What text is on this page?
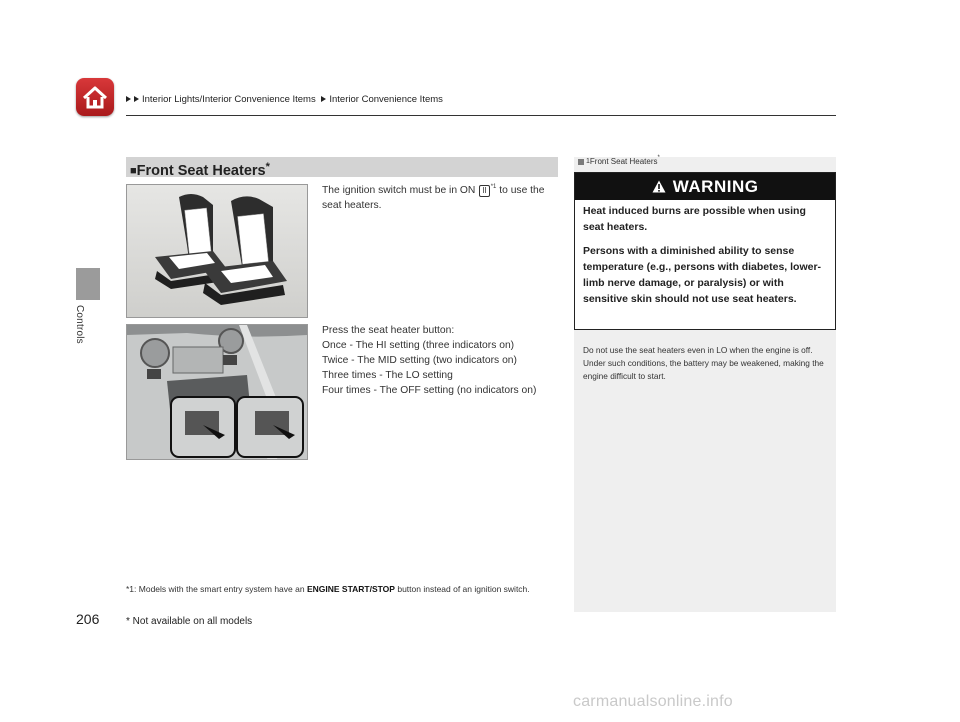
Interior Lights/Interior Convenience Items Interior Convenience Items
Controls
206
■Front Seat Heaters*
The ignition switch must be in ON II $^{*1}$ to use the seat heaters.
Press the seat heater button:
Once - The HI setting (three indicators on)
Twice - The MID setting (two indicators on)
Three times - The LO setting
Four times - The OFF setting (no indicators on)
*1: Models with the smart entry system have an ENGINE START/STOP button instead of an ignition switch.
* Not available on all models
1Front Seat Heaters*
WARNING

Heat induced burns are possible when using seat heaters.

Persons with a diminished ability to sense temperature (e.g., persons with diabetes, lower-limb nerve damage, or paralysis) or with sensitive skin should not use seat heaters.

Do not use the seat heaters even in LO when the engine is off. Under such conditions, the battery may be weakened, making the engine difficult to start.
carmanualsonline.info
